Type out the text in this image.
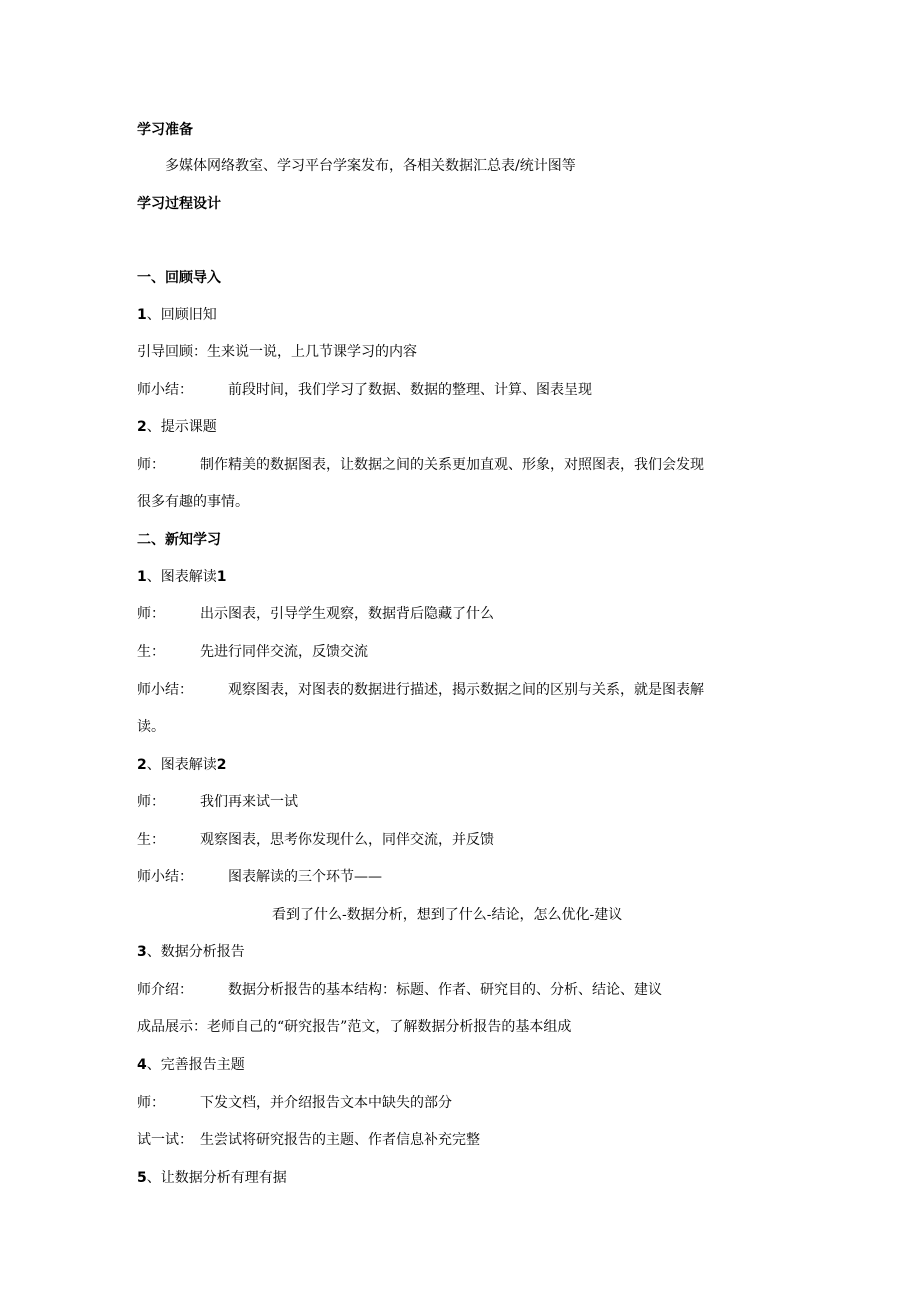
学习准备
多媒体网络教室、学习平台学案发布，各相关数据汇总表/统计图等
学习过程设计
一、回顾导入
1、回顾旧知
引导回顾：生来说一说，上几节课学习的内容
师小结：	前段时间，我们学习了数据、数据的整理、计算、图表呈现
2、提示课题
师：	制作精美的数据图表，让数据之间的关系更加直观、形象，对照图表，我们会发现
很多有趣的事情。
二、新知学习
1、图表解读1
师：	出示图表，引导学生观察，数据背后隐藏了什么
生：	先进行同伴交流，反馈交流
师小结：	观察图表，对图表的数据进行描述，揭示数据之间的区别与关系，就是图表解
读。
2、图表解读2
师：	我们再来试一试
生：	观察图表，思考你发现什么，同伴交流，并反馈
师小结：	图表解读的三个环节——
看到了什么-数据分析，想到了什么-结论，怎么优化-建议
3、数据分析报告
师介绍：	数据分析报告的基本结构：标题、作者、研究目的、分析、结论、建议
成品展示：老师自己的“研究报告”范文，了解数据分析报告的基本组成
4、完善报告主题
师：	下发文档，并介绍报告文本中缺失的部分
试一试： 生尝试将研究报告的主题、作者信息补充完整
5、让数据分析有理有据
